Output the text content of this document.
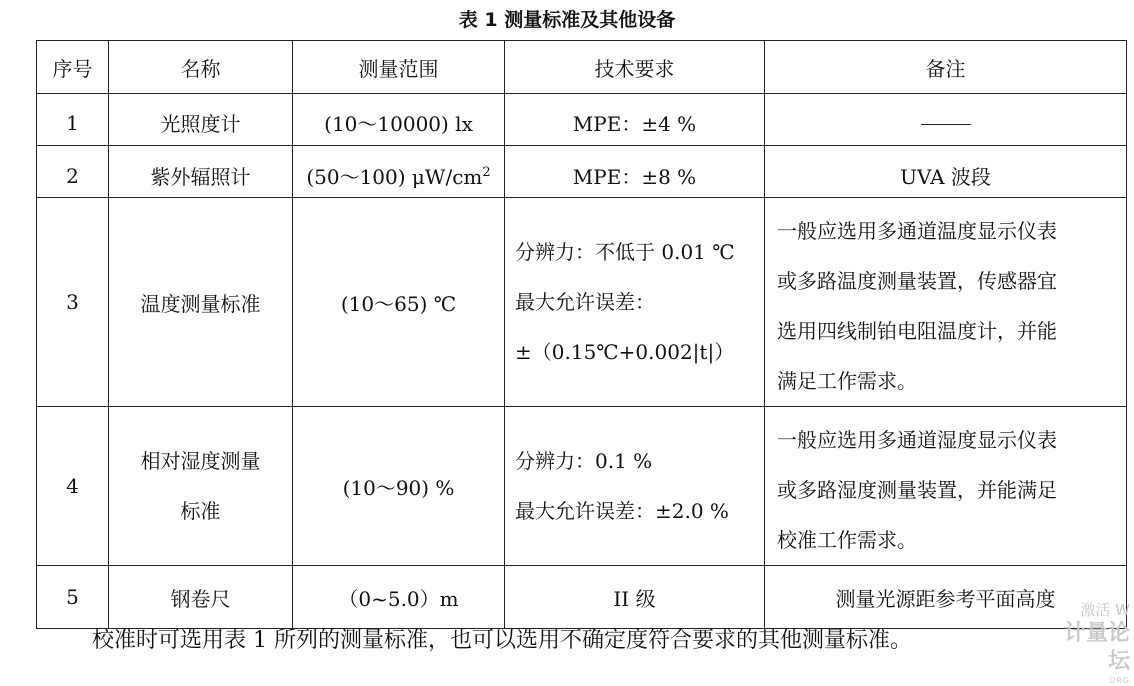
表 1 测量标准及其他设备
序号	名称	测量范围	技术要求	备注
1	光照度计	(10～10000) lx	MPE：±4 %	
2	紫外辐照计	(50～100) $\mu W/cm^2$	MPE：±8 %	UVA 波段
3	温度测量标准	(10～65) ℃	分辨力：不低于 0.01 ℃
最大允许误差：
±（0.15℃+0.002|t|）	一般应选用多通道温度显示仪表
或多路温度测量装置，传感器宜
选用四线制铂电阻温度计，并能
满足工作需求。

4	相对湿度测量
标准	(10～90) %	分辨力：0.1 %
最大允许误差：±2.0 %	一般应选用多通道湿度显示仪表
或多路湿度测量装置，并能满足
校准工作需求。

5	钢卷尺	（0~5.0）m	II 级	测量光源距参考平面高度
校准时可选用表 1 所列的测量标准，也可以选用不确定度符合要求的其他测量标准。
激活 W
计量论坛
ORG
